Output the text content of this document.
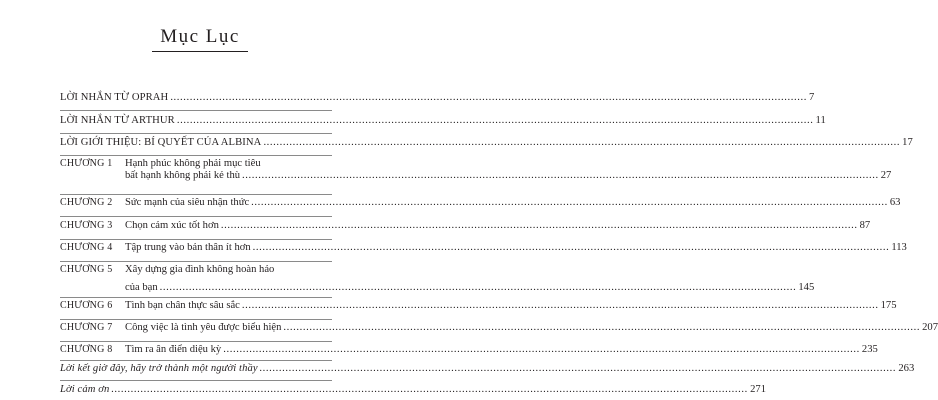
Mục Lục
LỜI NHẮN TỪ OPRAH .....	7
LỜI NHẮN TỪ ARTHUR .....	11
LỜI GIỚI THIỆU: BÍ QUYẾT CỦA ALBINA .....	17
CHƯƠNG 1	Hạnh phúc không phải mục tiêu
bất hạnh không phải kẻ thù .....	27
CHƯƠNG 2	Sức mạnh của siêu nhận thức .....	63
CHƯƠNG 3	Chọn cảm xúc tốt hơn .....	87
CHƯƠNG 4	Tập trung vào bản thân ít hơn .....	113
CHƯƠNG 5	Xây dựng gia đình không hoàn hảo
của bạn .....	145
CHƯƠNG 6	Tình bạn chân thực sâu sắc .....	175
CHƯƠNG 7	Công việc là tình yêu được biểu hiện .....	207
CHƯƠNG 8	Tìm ra ân điển diệu kỳ .....	235
Lời kết giờ đây, hãy trở thành một người thầy .....	263
Lời cảm ơn .....	271
